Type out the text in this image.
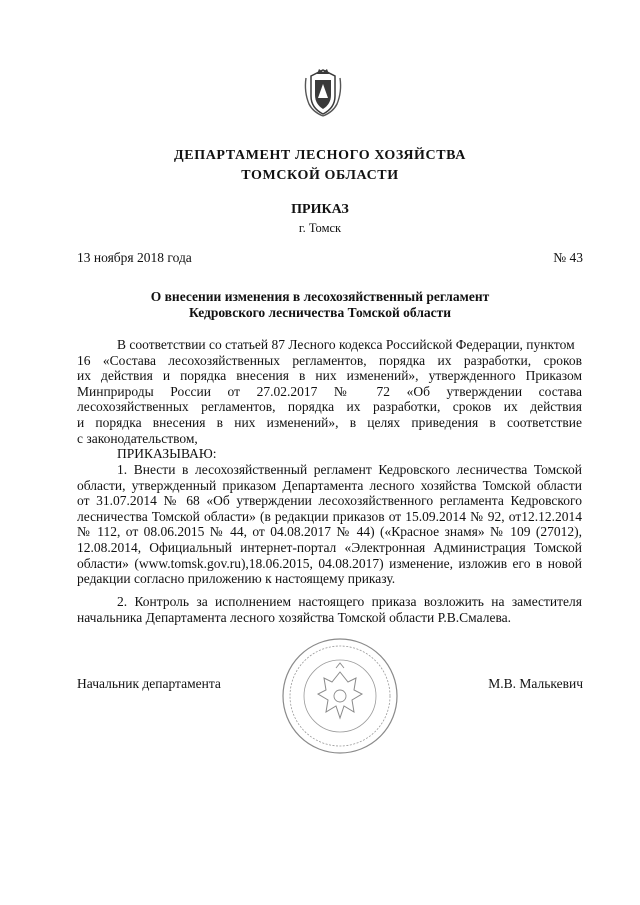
ДЕПАРТАМЕНТ ЛЕСНОГО ХОЗЯЙСТВА
ТОМСКОЙ ОБЛАСТИ
ПРИКАЗ
г. Томск
13 ноября 2018 года	№ 43
О внесении изменения в лесохозяйственный регламент
Кедровского лесничества Томской области
В соответствии со статьей 87 Лесного кодекса Российской Федерации, пунктом
16 «Состава лесохозяйственных регламентов, порядка их разработки, сроков
их действия и порядка внесения в них изменений», утвержденного Приказом
Минприроды России от 27.02.2017 № 72 «Об утверждении состава
лесохозяйственных регламентов, порядка их разработки, сроков их действия
и порядка внесения в них изменений», в целях приведения в соответствие
с законодательством,
ПРИКАЗЫВАЮ:
1. Внести в лесохозяйственный регламент Кедровского лесничества Томской
области, утвержденный приказом Департамента лесного хозяйства Томской области
от 31.07.2014 № 68 «Об утверждении лесохозяйственного регламента Кедровского
лесничества Томской области» (в редакции приказов от 15.09.2014 № 92, от12.12.2014
№ 112, от 08.06.2015 № 44, от 04.08.2017 № 44) («Красное знамя» № 109 (27012),
12.08.2014, Официальный интернет-портал «Электронная Администрация Томской
области» (www.tomsk.gov.ru),18.06.2015, 04.08.2017) изменение, изложив его в новой
редакции согласно приложению к настоящему приказу.
2. Контроль за исполнением настоящего приказа возложить на заместителя
начальника Департамента лесного хозяйства Томской области Р.В.Смалева.
Начальник департамента	М.В. Малькевич
